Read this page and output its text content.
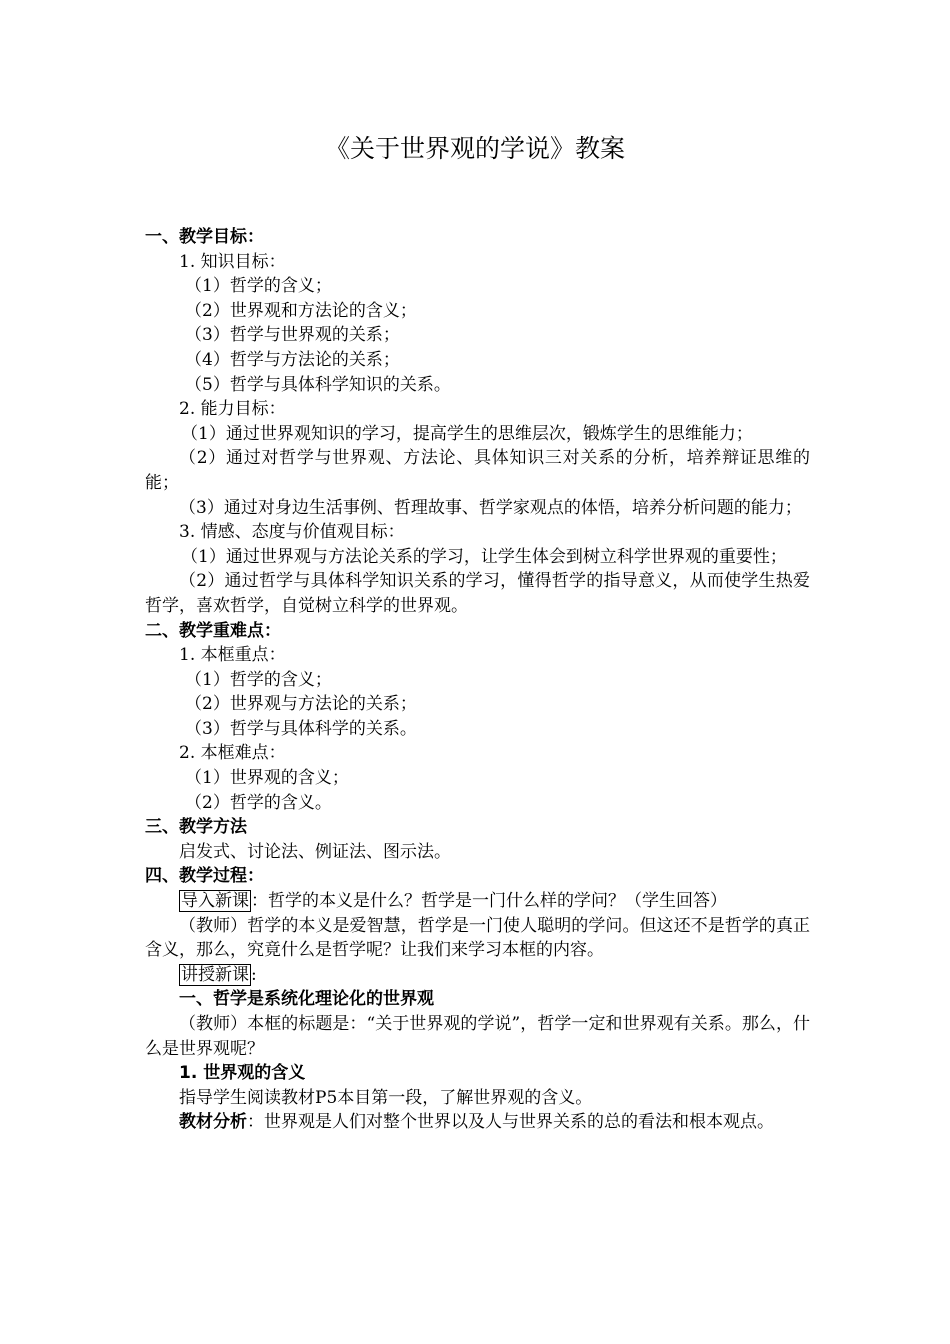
《关于世界观的学说》教案

一、教学目标：

1. 知识目标：

（1）哲学的含义；

（2）世界观和方法论的含义；

（3）哲学与世界观的关系；

（4）哲学与方法论的关系；

（5）哲学与具体科学知识的关系。

2. 能力目标：

（1）通过世界观知识的学习，提高学生的思维层次，锻炼学生的思维能力；

（2）通过对哲学与世界观、方法论、具体知识三对关系的分析，培养辩证思维的能；

（3）通过对身边生活事例、哲理故事、哲学家观点的体悟，培养分析问题的能力；

3. 情感、态度与价值观目标：

（1）通过世界观与方法论关系的学习，让学生体会到树立科学世界观的重要性；

（2）通过哲学与具体科学知识关系的学习，懂得哲学的指导意义，从而使学生热爱哲学，喜欢哲学，自觉树立科学的世界观。

二、教学重难点：

1. 本框重点：

（1）哲学的含义；

（2）世界观与方法论的关系；

（3）哲学与具体科学的关系。

2. 本框难点：

（1）世界观的含义；

（2）哲学的含义。

三、教学方法

启发式、讨论法、例证法、图示法。

四、教学过程：

导入新课 ：哲学的本义是什么？哲学是一门什么样的学问？（学生回答）

（教师）哲学的本义是爱智慧，哲学是一门使人聪明的学问。但这还不是哲学的真正含义，那么，究竟什么是哲学呢？让我们来学习本框的内容。

讲授新课 :

一、哲学是系统化理论化的世界观

（教师）本框的标题是：“关于世界观的学说”，哲学一定和世界观有关系。那么，什么是世界观呢？

1. 世界观的含义

指导学生阅读教材P5本目第一段，了解世界观的含义。

教材分析：世界观是人们对整个世界以及人与世界关系的总的看法和根本观点。
